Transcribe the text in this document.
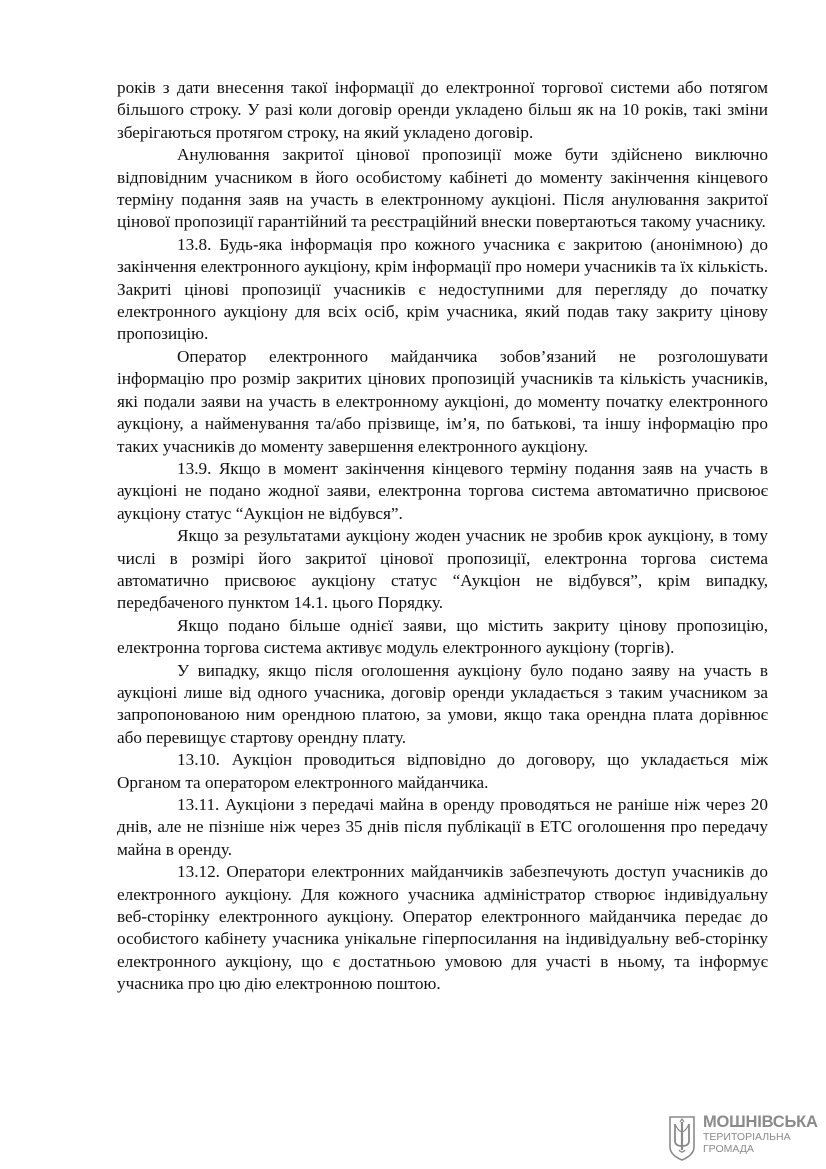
років з дати внесення такої інформації до електронної торгової системи або потягом більшого строку. У разі коли договір оренди укладено більш як на 10 років, такі зміни зберігаються протягом строку, на який укладено договір.

Анулювання закритої цінової пропозиції може бути здійснено виключно відповідним учасником в його особистому кабінеті до моменту закінчення кінцевого терміну подання заяв на участь в електронному аукціоні. Після анулювання закритої цінової пропозиції гарантійний та реєстраційний внески повертаються такому учаснику.

13.8. Будь-яка інформація про кожного учасника є закритою (анонімною) до закінчення електронного аукціону, крім інформації про номери учасників та їх кількість. Закриті цінові пропозиції учасників є недоступними для перегляду до початку електронного аукціону для всіх осіб, крім учасника, який подав таку закриту цінову пропозицію.

Оператор електронного майданчика зобов’язаний не розголошувати інформацію про розмір закритих цінових пропозицій учасників та кількість учасників, які подали заяви на участь в електронному аукціоні, до моменту початку електронного аукціону, а найменування та/або прізвище, ім’я, по батькові, та іншу інформацію про таких учасників до моменту завершення електронного аукціону.

13.9. Якщо в момент закінчення кінцевого терміну подання заяв на участь в аукціоні не подано жодної заяви, електронна торгова система автоматично присвоює аукціону статус “Аукціон не відбувся”.

Якщо за результатами аукціону жоден учасник не зробив крок аукціону, в тому числі в розмірі його закритої цінової пропозиції, електронна торгова система автоматично присвоює аукціону статус “Аукціон не відбувся”, крім випадку, передбаченого пунктом 14.1. цього Порядку.

Якщо подано більше однієї заяви, що містить закриту цінову пропозицію, електронна торгова система активує модуль електронного аукціону (торгів).

У випадку, якщо після оголошення аукціону було подано заяву на участь в аукціоні лише від одного учасника, договір оренди укладається з таким учасником за запропонованою ним орендною платою, за умови, якщо така орендна плата дорівнює або перевищує стартову орендну плату.

13.10. Аукціон проводиться відповідно до договору, що укладається між Органом та оператором електронного майданчика.

13.11. Аукціони з передачі майна в оренду проводяться не раніше ніж через 20 днів, але не пізніше ніж через 35 днів після публікації в ЕТС оголошення про передачу майна в оренду.

13.12. Оператори електронних майданчиків забезпечують доступ учасників до електронного аукціону. Для кожного учасника адміністратор створює індивідуальну веб-сторінку електронного аукціону. Оператор електронного майданчика передає до особистого кабінету учасника унікальне гіперпосилання на індивідуальну веб-сторінку електронного аукціону, що є достатньою умовою для участі в ньому, та інформує учасника про цю дію електронною поштою.

МОШНІВСЬКА
ТЕРИТОРІАЛЬНА
ГРОМАДА
